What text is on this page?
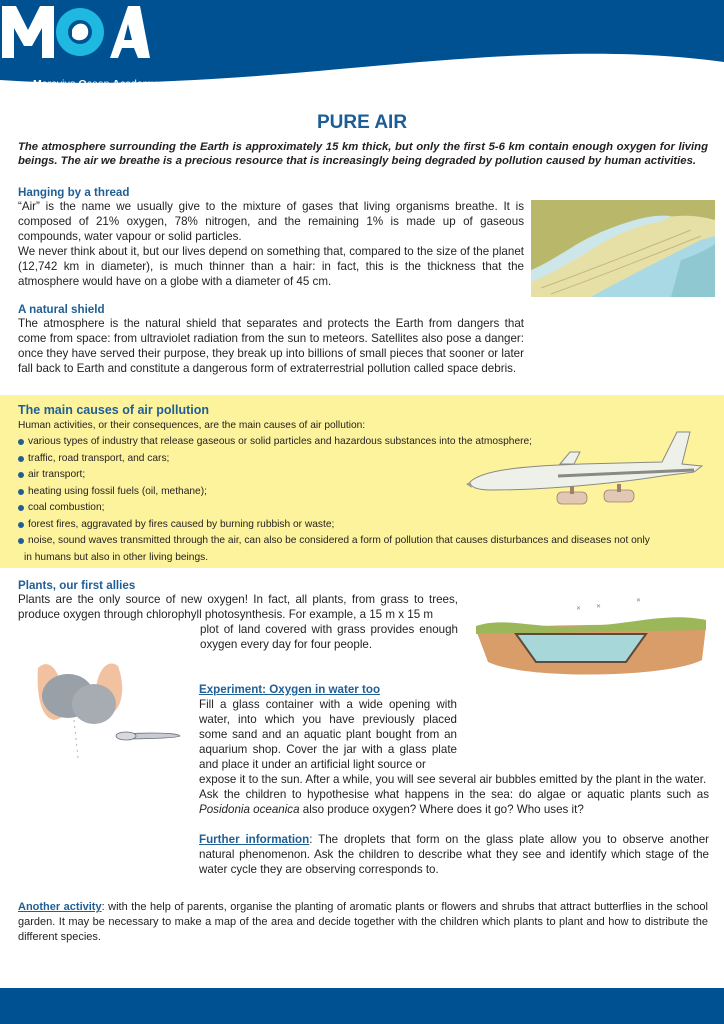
Marevivo Ocean Academy
PURE AIR
The atmosphere surrounding the Earth is approximately 15 km thick, but only the first 5-6 km contain enough oxygen for living beings. The air we breathe is a precious resource that is increasingly being degraded by pollution caused by human activities.
Hanging by a thread
“Air” is the name we usually give to the mixture of gases that living organisms breathe. It is composed of 21% oxygen, 78% nitrogen, and the remaining 1% is made up of gaseous compounds, water vapour or solid particles.
We never think about it, but our lives depend on something that, compared to the size of the planet (12,742 km in diameter), is much thinner than a hair: in fact, this is the thickness that the atmosphere would have on a globe with a diameter of 45 cm.
A natural shield
The atmosphere is the natural shield that separates and protects the Earth from dangers that come from space: from ultraviolet radiation from the sun to meteors. Satellites also pose a danger: once they have served their purpose, they break up into billions of small pieces that sooner or later fall back to Earth and constitute a dangerous form of extraterrestrial pollution called space debris.
The main causes of air pollution
Human activities, or their consequences, are the main causes of air pollution:
various types of industry that release gaseous or solid particles and hazardous substances into the atmosphere;
traffic, road transport, and cars;
air transport;
heating using fossil fuels (oil, methane);
coal combustion;
forest fires, aggravated by fires caused by burning rubbish or waste;
noise, sound waves transmitted through the air, can also be considered a form of pollution that causes disturbances and diseases not only
in humans but also in other living beings.
Plants, our first allies
Plants are the only source of new oxygen! In fact, all plants, from grass to trees, produce oxygen through chlorophyll photosynthesis. For example, a 15 m x 15 m
plot of land covered with grass provides enough oxygen every day for four people.
✕ ✕
✕
Experiment: Oxygen in water too
Fill a glass container with a wide opening with water, into which you have previously placed some sand and an aquatic plant bought from an aquarium shop. Cover the jar with a glass plate and place it under an artificial light source or
expose it to the sun. After a while, you will see several air bubbles emitted by the plant in the water.
Ask the children to hypothesise what happens in the sea: do algae or aquatic plants such as Posidonia oceanica also produce oxygen? Where does it go? Who uses it?
Further information: The droplets that form on the glass plate allow you to observe another natural phenomenon. Ask the children to describe what they see and identify which stage of the water cycle they are observing corresponds to.
Another activity: with the help of parents, organise the planting of aromatic plants or flowers and shrubs that attract butterflies in the school garden. It may be necessary to make a map of the area and decide together with the children which plants to plant and how to distribute the different species.
